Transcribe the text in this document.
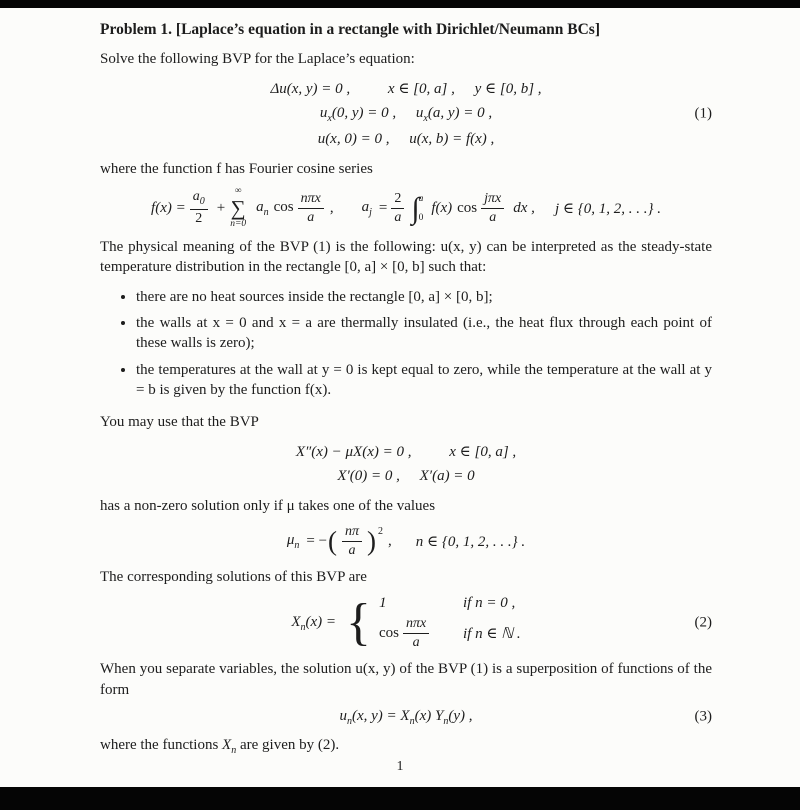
Problem 1. [Laplace’s equation in a rectangle with Dirichlet/Neumann BCs]

Solve the following BVP for the Laplace’s equation:

Δu(x, y) = 0 ,	x ∈ [0, a] , y ∈ [0, b] ,
$u_x(0$, y) = 0 , $u_x(a$, y) = 0 ,
u(x, 0) = 0 , u(x, b) = f(x) ,
(1)

where the function f has Fourier cosine series

$f(x) = \frac{a_0}{2}$ +
∞
∑
n=0
$a_n$ $\cos \frac{\text{nπx}}{a}$ , $a_j = \frac{2}{a}$ ∫ a
0
f(x) $\cos \frac{\text{jπx}}{a}$ dx , j ∈ {0, 1, 2, . . .} .

The physical meaning of the BVP (1) is the following: u(x, y) can be interpreted as the steady-state temperature distribution in the rectangle [0, a] × [0, b] such that:

• there are no heat sources inside the rectangle [0, a] × [0, b];
• the walls at x = 0 and x = a are thermally insulated (i.e., the heat flux through each point of these walls is zero);
• the temperatures at the wall at y = 0 is kept equal to zero, while the temperature at the wall at y = b is given by the function f(x).

You may use that the BVP

X″(x) − μX(x) = 0 ,	x ∈ [0, a] ,
X′(0) = 0 , X′(a) = 0

has a non-zero solution only if μ takes one of the values

$\mu_n$ = − ( $\frac{n\pi}{a} )^2$
, n ∈ {0, 1, 2, . . .} .

The corresponding solutions of this BVP are

$X_n(x)$ = { 1	if n = 0 ,
$\cos \frac{\text{nπx}}{a}$ if n ∈ ℕ .
(2)

When you separate variables, the solution u(x, y) of the BVP (1) is a superposition of functions of the form

$u_n(x$, $y) = X_n(x)$ $Y_n(y)$ ,	(3)

where the functions $X_n$ are given by (2).

1
